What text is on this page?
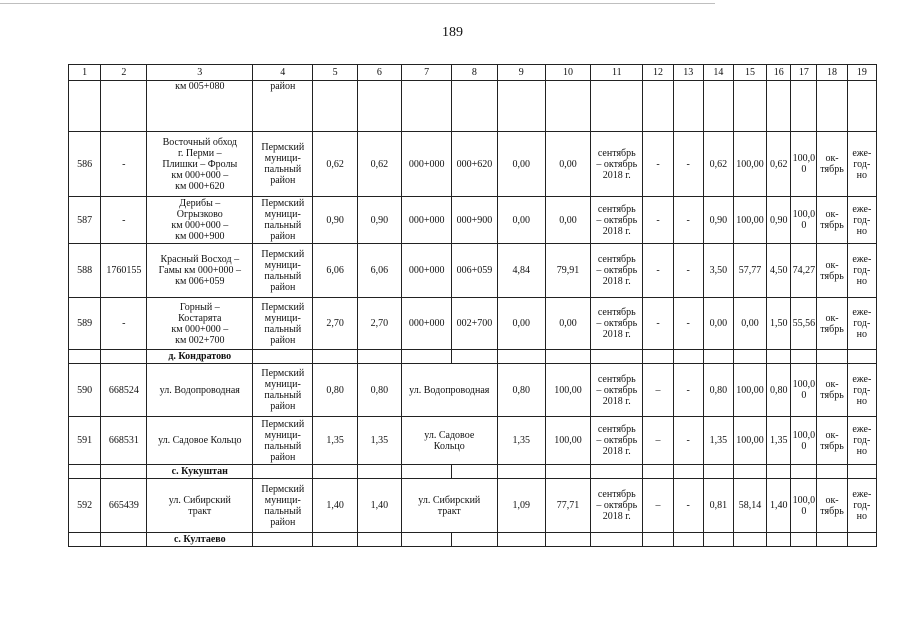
189
1	2	3	4	5	6	7	8	9	10	11	12	13	14	15	16	17	18	19
		км 005+080	район															
586	-	Восточный обход
г. Перми –
Плишки – Фролы
км 000+000 –
км 000+620	Пермский
муници-
пальный
район	0,62	0,62	000+000	000+620	0,00	0,00	сентябрь
– октябрь
2018 г.	-	-	0,62	100,00	0,62	100,0
0	ок-
тябрь	еже-
год-
но
587	-	Дерибы –
Огрызково
км 000+000 –
км 000+900	Пермский
муници-
пальный
район	0,90	0,90	000+000	000+900	0,00	0,00	сентябрь
– октябрь
2018 г.	-	-	0,90	100,00	0,90	100,0
0	ок-
тябрь	еже-
год-
но
588	1760155	Красный Восход –
Гамы км 000+000 –
км 006+059	Пермский
муници-
пальный
район	6,06	6,06	000+000	006+059	4,84	79,91	сентябрь
– октябрь
2018 г.	-	-	3,50	57,77	4,50	74,27	ок-
тябрь	еже-
год-
но
589	-	Горный –
Костарята
км 000+000 –
км 002+700	Пермский
муници-
пальный
район	2,70	2,70	000+000	002+700	0,00	0,00	сентябрь
– октябрь
2018 г.	-	-	0,00	0,00	1,50	55,56	ок-
тябрь	еже-
год-
но
		д. Кондратово																
590	668524	ул. Водопроводная	Пермский
муници-
пальный
район	0,80	0,80	ул. Водопроводная		0,80	100,00	сентябрь
– октябрь
2018 г.	–	-	0,80	100,00	0,80	100,0
0	ок-
тябрь	еже-
год-
но
591	668531	ул. Садовое Кольцо	Пермский
муници-
пальный
район	1,35	1,35	ул. Садовое
Кольцо		1,35	100,00	сентябрь
– октябрь
2018 г.	–	-	1,35	100,00	1,35	100,0
0	ок-
тябрь	еже-
год-
но
		с. Кукуштан																
592	665439	ул. Сибирский
тракт	Пермский
муници-
пальный
район	1,40	1,40	ул. Сибирский
тракт		1,09	77,71	сентябрь
– октябрь
2018 г.	–	-	0,81	58,14	1,40	100,0
0	ок-
тябрь	еже-
год-
но
		с. Култаево																
